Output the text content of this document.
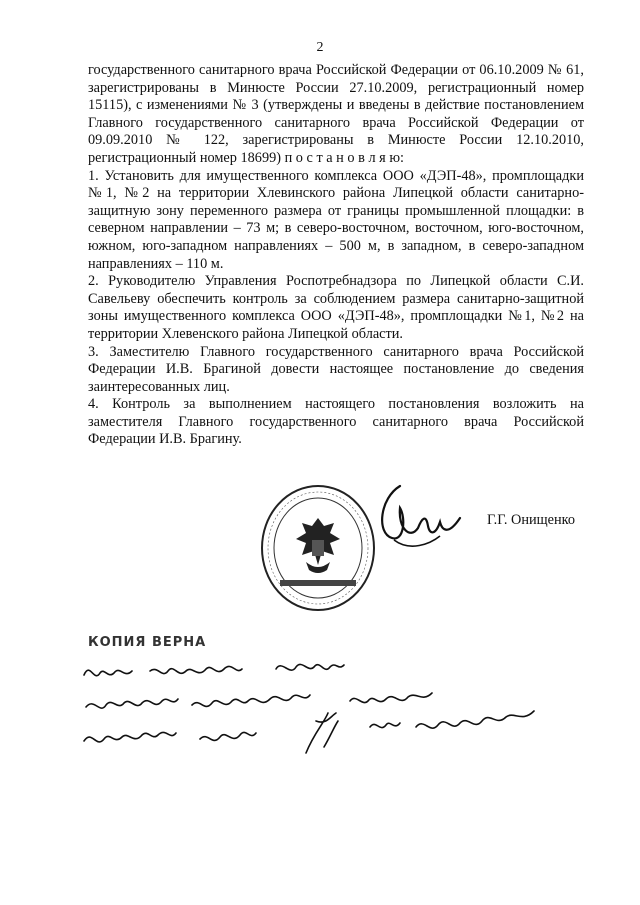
2

государственного санитарного врача Российской Федерации от 06.10.2009 № 61, зарегистрированы в Минюсте России 27.10.2009, регистрационный номер 15115), с изменениями № 3 (утверждены и введены в действие постановлением Главного государственного санитарного врача Российской Федерации от 09.09.2010 № 122, зарегистрированы в Минюсте России 12.10.2010, регистрационный номер 18699) п о с т а н о в л я ю:

1. Установить для имущественного комплекса ООО «ДЭП-48», промплощадки №1, №2 на территории Хлевинского района Липецкой области санитарно-защитную зону переменного размера от границы промышленной площадки: в северном направлении – 73 м; в северо-восточном, восточном, юго-восточном, южном, юго-западном направлениях – 500 м, в западном, в северо-западном направлениях – 110 м.

2. Руководителю Управления Роспотребнадзора по Липецкой области С.И. Савельеву обеспечить контроль за соблюдением размера санитарно-защитной зоны имущественного комплекса ООО «ДЭП-48», промплощадки №1, №2 на территории Хлевенского района Липецкой области.

3. Заместителю Главного государственного санитарного врача Российской Федерации И.В. Брагиной довести настоящее постановление до сведения заинтересованных лиц.

4. Контроль за выполнением настоящего постановления возложить на заместителя Главного государственного санитарного врача Российской Федерации И.В. Брагину.

Г.Г. Онищенко
КОПИЯ ВЕРНА
